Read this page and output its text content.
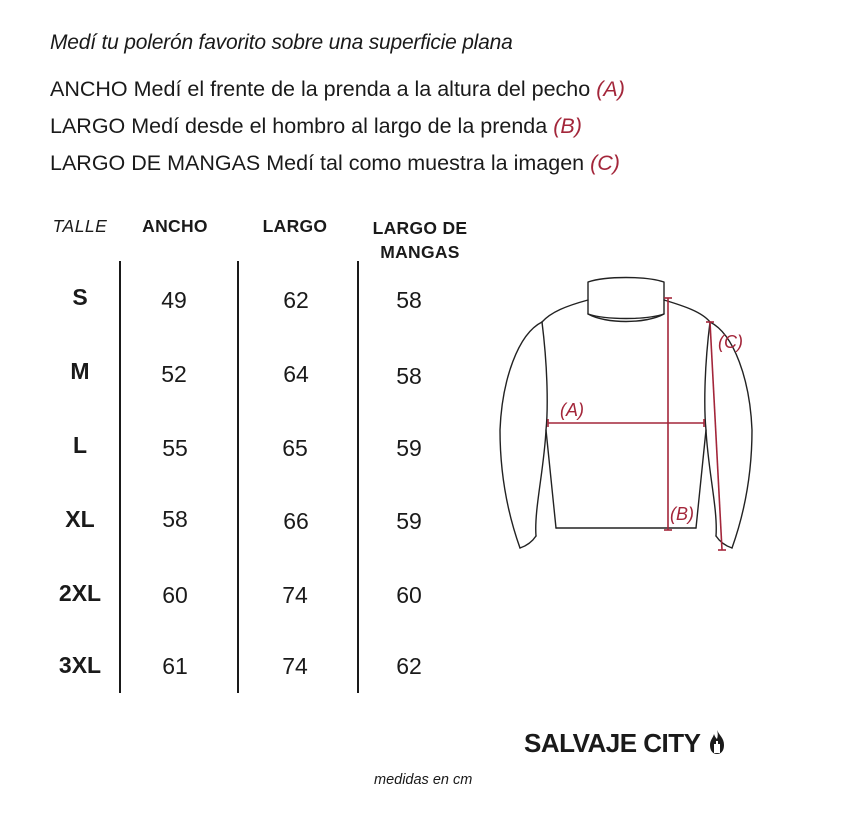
Medí tu polerón favorito sobre una superficie plana
ANCHO Medí el frente de la prenda a la altura del pecho (A)
LARGO Medí desde el hombro al largo de la prenda (B)
LARGO DE MANGAS Medí tal como muestra la imagen (C)
TALLE	ANCHO	LARGO	LARGO DE
MANGAS
S	49	62	58
M	52	64	58
L	55	65	59
XL	58	66	59
2XL	60	74	60
3XL	61	74	62
(A)
(B)
(C)
SALVAJE CITY
medidas en cm
